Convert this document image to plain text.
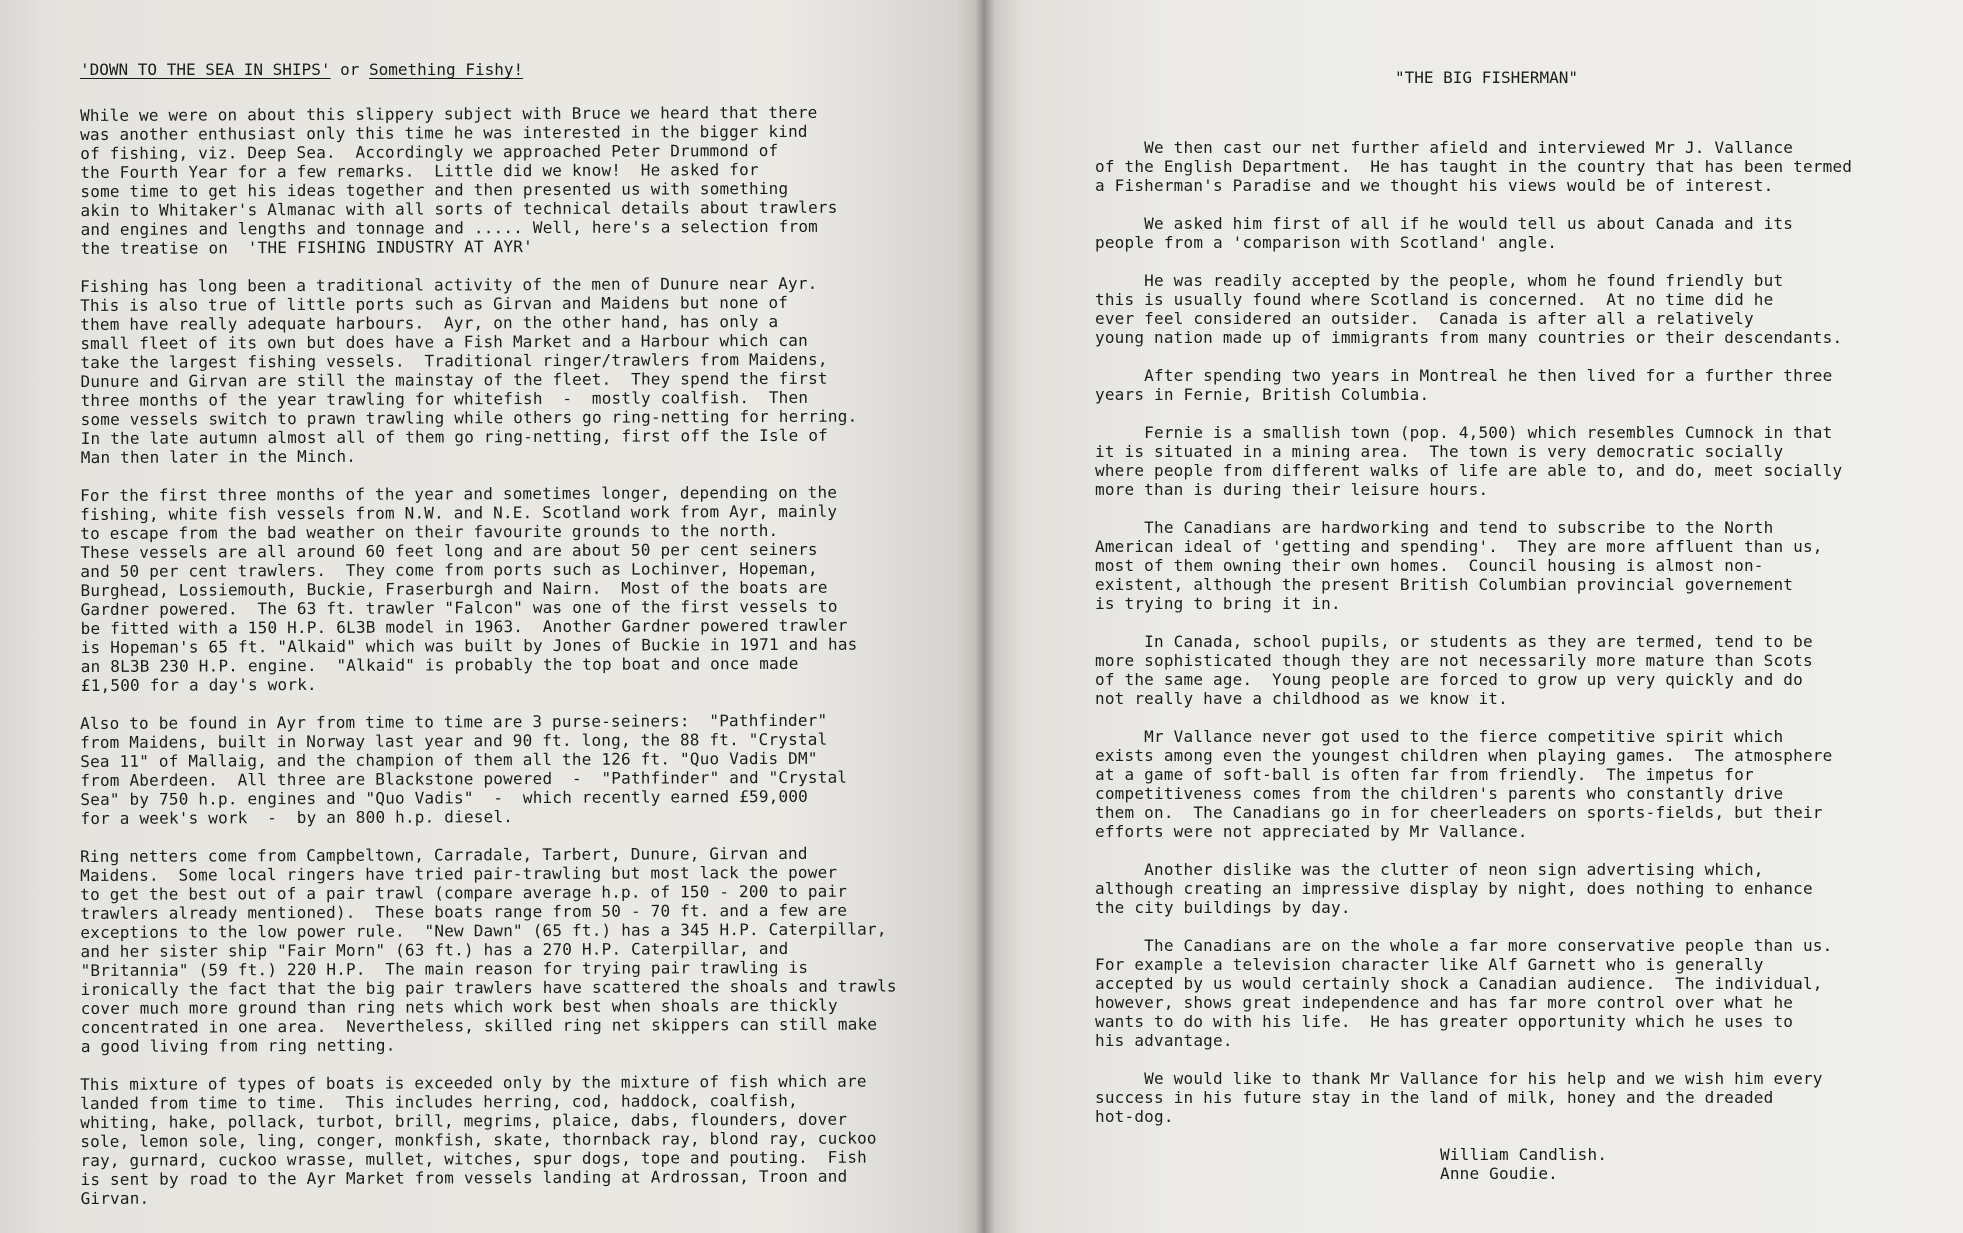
'DOWN TO THE SEA IN SHIPS' or Something Fishy!
While we were on about this slippery subject with Bruce we heard that there
was another enthusiast only this time he was interested in the bigger kind
of fishing, viz. Deep Sea.  Accordingly we approached Peter Drummond of
the Fourth Year for a few remarks.  Little did we know!  He asked for
some time to get his ideas together and then presented us with something
akin to Whitaker's Almanac with all sorts of technical details about trawlers
and engines and lengths and tonnage and ..... Well, here's a selection from
the treatise on  'THE FISHING INDUSTRY AT AYR'
Fishing has long been a traditional activity of the men of Dunure near Ayr.
This is also true of little ports such as Girvan and Maidens but none of
them have really adequate harbours.  Ayr, on the other hand, has only a
small fleet of its own but does have a Fish Market and a Harbour which can
take the largest fishing vessels.  Traditional ringer/trawlers from Maidens,
Dunure and Girvan are still the mainstay of the fleet.  They spend the first
three months of the year trawling for whitefish  -  mostly coalfish.  Then
some vessels switch to prawn trawling while others go ring-netting for herring.
In the late autumn almost all of them go ring-netting, first off the Isle of
Man then later in the Minch.
For the first three months of the year and sometimes longer, depending on the
fishing, white fish vessels from N.W. and N.E. Scotland work from Ayr, mainly
to escape from the bad weather on their favourite grounds to the north.
These vessels are all around 60 feet long and are about 50 per cent seiners
and 50 per cent trawlers.  They come from ports such as Lochinver, Hopeman,
Burghead, Lossiemouth, Buckie, Fraserburgh and Nairn.  Most of the boats are
Gardner powered.  The 63 ft. trawler "Falcon" was one of the first vessels to
be fitted with a 150 H.P. 6L3B model in 1963.  Another Gardner powered trawler
is Hopeman's 65 ft. "Alkaid" which was built by Jones of Buckie in 1971 and has
an 8L3B 230 H.P. engine.  "Alkaid" is probably the top boat and once made
£1,500 for a day's work.
Also to be found in Ayr from time to time are 3 purse-seiners:  "Pathfinder"
from Maidens, built in Norway last year and 90 ft. long, the 88 ft. "Crystal
Sea 11" of Mallaig, and the champion of them all the 126 ft. "Quo Vadis DM"
from Aberdeen.  All three are Blackstone powered  -  "Pathfinder" and "Crystal
Sea" by 750 h.p. engines and "Quo Vadis"  -  which recently earned £59,000
for a week's work  -  by an 800 h.p. diesel.
Ring netters come from Campbeltown, Carradale, Tarbert, Dunure, Girvan and
Maidens.  Some local ringers have tried pair-trawling but most lack the power
to get the best out of a pair trawl (compare average h.p. of 150 - 200 to pair
trawlers already mentioned).  These boats range from 50 - 70 ft. and a few are
exceptions to the low power rule.  "New Dawn" (65 ft.) has a 345 H.P. Caterpillar,
and her sister ship "Fair Morn" (63 ft.) has a 270 H.P. Caterpillar, and
"Britannia" (59 ft.) 220 H.P.  The main reason for trying pair trawling is
ironically the fact that the big pair trawlers have scattered the shoals and trawls
cover much more ground than ring nets which work best when shoals are thickly
concentrated in one area.  Nevertheless, skilled ring net skippers can still make
a good living from ring netting.
This mixture of types of boats is exceeded only by the mixture of fish which are
landed from time to time.  This includes herring, cod, haddock, coalfish,
whiting, hake, pollack, turbot, brill, megrims, plaice, dabs, flounders, dover
sole, lemon sole, ling, conger, monkfish, skate, thornback ray, blond ray, cuckoo
ray, gurnard, cuckoo wrasse, mullet, witches, spur dogs, tope and pouting.  Fish
is sent by road to the Ayr Market from vessels landing at Ardrossan, Troon and
Girvan.
"THE BIG FISHERMAN"
We then cast our net further afield and interviewed Mr J. Vallance
of the English Department.  He has taught in the country that has been termed
a Fisherman's Paradise and we thought his views would be of interest.
We asked him first of all if he would tell us about Canada and its
people from a 'comparison with Scotland' angle.
He was readily accepted by the people, whom he found friendly but
this is usually found where Scotland is concerned.  At no time did he
ever feel considered an outsider.  Canada is after all a relatively
young nation made up of immigrants from many countries or their descendants.
After spending two years in Montreal he then lived for a further three
years in Fernie, British Columbia.
Fernie is a smallish town (pop. 4,500) which resembles Cumnock in that
it is situated in a mining area.  The town is very democratic socially
where people from different walks of life are able to, and do, meet socially
more than is during their leisure hours.
The Canadians are hardworking and tend to subscribe to the North
American ideal of 'getting and spending'.  They are more affluent than us,
most of them owning their own homes.  Council housing is almost non-
existent, although the present British Columbian provincial governement
is trying to bring it in.
In Canada, school pupils, or students as they are termed, tend to be
more sophisticated though they are not necessarily more mature than Scots
of the same age.  Young people are forced to grow up very quickly and do
not really have a childhood as we know it.
Mr Vallance never got used to the fierce competitive spirit which
exists among even the youngest children when playing games.  The atmosphere
at a game of soft-ball is often far from friendly.  The impetus for
competitiveness comes from the children's parents who constantly drive
them on.  The Canadians go in for cheerleaders on sports-fields, but their
efforts were not appreciated by Mr Vallance.
Another dislike was the clutter of neon sign advertising which,
although creating an impressive display by night, does nothing to enhance
the city buildings by day.
The Canadians are on the whole a far more conservative people than us.
For example a television character like Alf Garnett who is generally
accepted by us would certainly shock a Canadian audience.  The individual,
however, shows great independence and has far more control over what he
wants to do with his life.  He has greater opportunity which he uses to
his advantage.
We would like to thank Mr Vallance for his help and we wish him every
success in his future stay in the land of milk, honey and the dreaded
hot-dog.
William Candlish.
Anne Goudie.
